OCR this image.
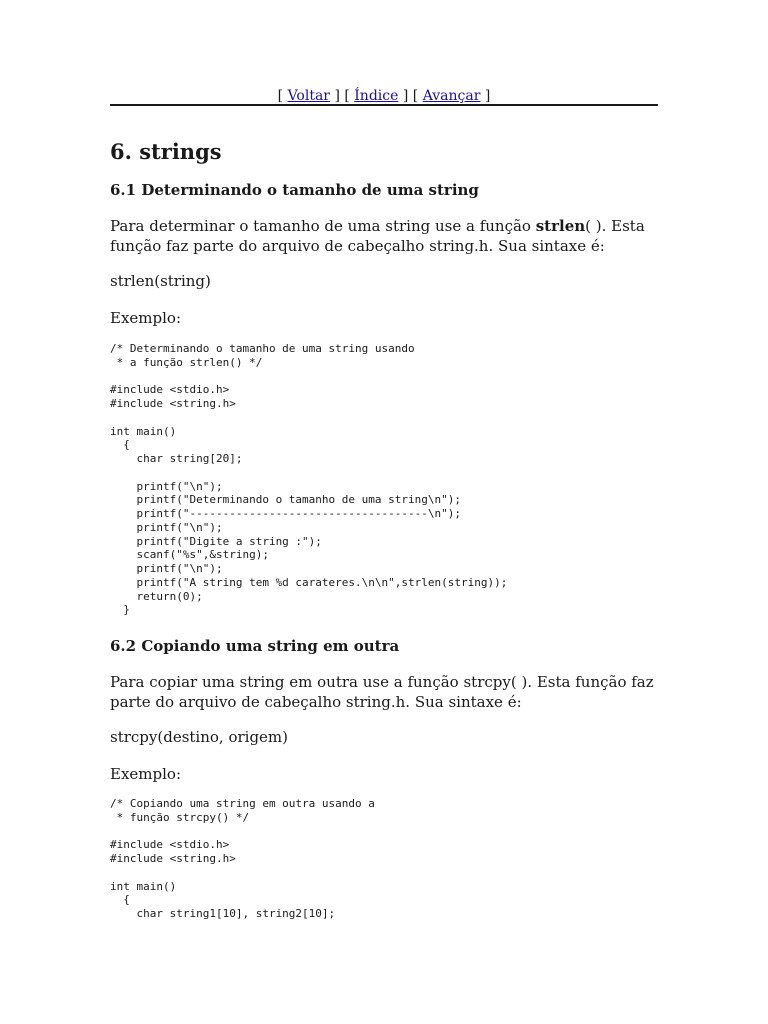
[ Voltar ] [ Índice ] [ Avançar ]
6. strings
6.1 Determinando o tamanho de uma string

Para determinar o tamanho de uma string use a função strlen( ). Esta função faz parte do arquivo de cabeçalho string.h. Sua sintaxe é:

strlen(string)

Exemplo:

/* Determinando o tamanho de uma string usando
* a função strlen() */

#include <stdio.h>
#include <string.h>

int main()
{
char string[20];

printf("\n");
printf("Determinando o tamanho de uma string\n");
printf("------------------------------------\n");
printf("\n");
printf("Digite a string :");
scanf("%s",&string);
printf("\n");
printf("A string tem %d carateres.\n\n",strlen(string));
return(0);
}
6.2 Copiando uma string em outra

Para copiar uma string em outra use a função strcpy( ). Esta função faz parte do arquivo de cabeçalho string.h. Sua sintaxe é:

strcpy(destino, origem)

Exemplo:

/* Copiando uma string em outra usando a
* função strcpy() */

#include <stdio.h>
#include <string.h>

int main()
{
char string1[10], string2[10];
